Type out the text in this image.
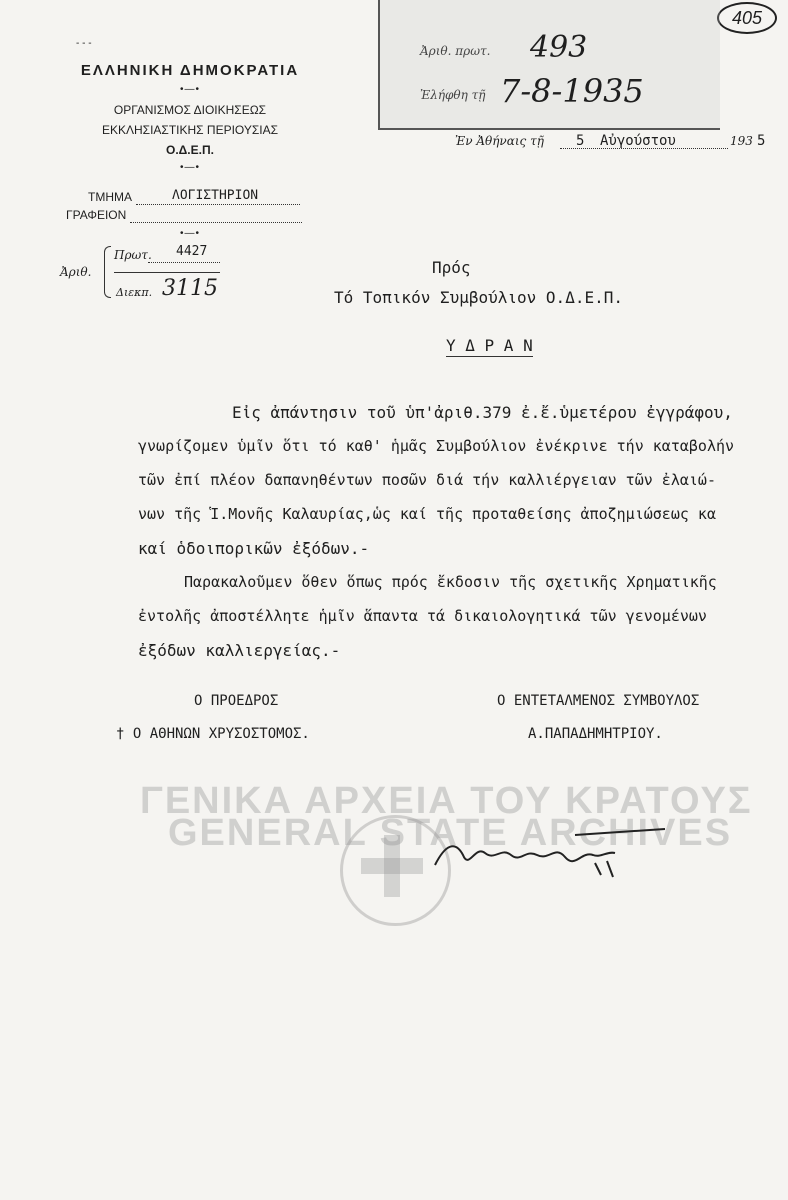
405
Ἀριθ. πρωτ. 493
Ἐλήφθη τῇ 7-8-1935
- - -
ΕΛΛΗΝΙΚΗ ΔΗΜΟΚΡΑΤΙΑ
•—•
ΟΡΓΑΝΙΣΜΟΣ ΔΙΟΙΚΗΣΕΩΣ
ΕΚΚΛΗΣΙΑΣΤΙΚΗΣ ΠΕΡΙΟΥΣΙΑΣ
Ο.Δ.Ε.Π.
•—•
ΤΜΗΜΑ	ΛΟΓΙΣΤΗΡΙΟΝ
ΓΡΑΦΕΙΟΝ
•—•
Ἀριθ.
Πρωτ. 4427
Διεκπ. 3115
Ἐν Ἀθήναις τῇ 5 Αὐγούστου	193 5
Πρός
Τό Τοπικόν Συμβούλιον Ο.Δ.Ε.Π.
Υ Δ Ρ Α Ν
ΓΕΝΙΚΑ ΑΡΧΕΙΑ ΤΟΥ ΚΡΑΤΟΥΣ
GENERAL STATE ARCHIVES
Εἰς ἀπάντησιν τοῦ ὑπ'ἀριθ.379 ἐ.ἔ.ὑμετέρου ἐγγράφου,
γνωρίζομεν ὑμῖν ὅτι τό καθ' ἡμᾶς Συμβούλιον ἐνέκρινε τήν καταβολήν
τῶν ἐπί πλέον δαπανηθέντων ποσῶν διά τήν καλλιέργειαν τῶν ἐλαιώ-
νων τῆς Ἱ.Μονῆς Καλαυρίας,ὡς καί τῆς προταθείσης ἀποζημιώσεως κα
καί ὁδοιπορικῶν ἐξόδων.-
Παρακαλοῦμεν ὅθεν ὅπως πρός ἔκδοσιν τῆς σχετικῆς Χρηματικῆς
ἐντολῆς ἀποστέλλητε ἡμῖν ἅπαντα τά δικαιολογητικά τῶν γενομένων
ἐξόδων καλλιεργείας.-
Ο ΠΡΟΕΔΡΟΣ
† Ο ΑΘΗΝΩΝ ΧΡΥΣΟΣΤΟΜΟΣ.
Ο ΕΝΤΕΤΑΛΜΕΝΟΣ ΣΥΜΒΟΥΛΟΣ
Α.ΠΑΠΑΔΗΜΗΤΡΙΟΥ.
